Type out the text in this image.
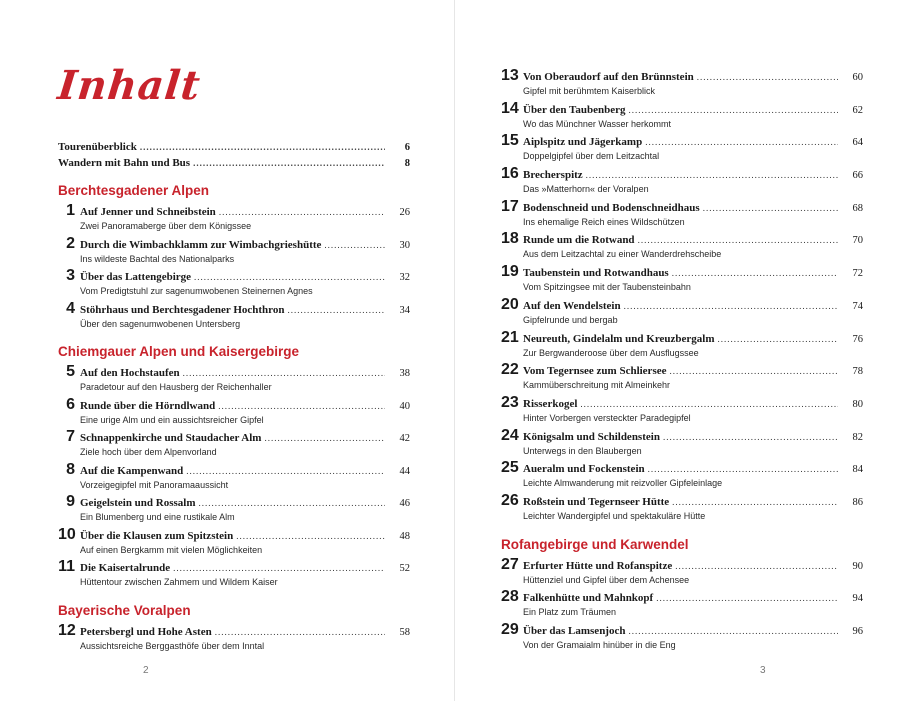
Inhalt
Tourenüberblick .....	6
Wandern mit Bahn und Bus .....	8
Berchtesgadener Alpen
1 Auf Jenner und Schneibstein .....	26
Zwei Panoramaberge über dem Königssee
2 Durch die Wimbachklamm zur Wimbachgrieshütte .....	30
Ins wildeste Bachtal des Nationalparks
3 Über das Lattengebirge .....	32
Vom Predigtstuhl zur sagenumwobenen Steinernen Agnes
4 Stöhrhaus und Berchtesgadener Hochthron .....	34
Über den sagenumwobenen Untersberg
Chiemgauer Alpen und Kaisergebirge
5 Auf den Hochstaufen .....	38
Paradetour auf den Hausberg der Reichenhaller
6 Runde über die Hörndlwand .....	40
Eine urige Alm und ein aussichtsreicher Gipfel
7 Schnappenkirche und Staudacher Alm .....	42
Ziele hoch über dem Alpenvorland
8 Auf die Kampenwand .....	44
Vorzeigegipfel mit Panoramaaussicht
9 Geigelstein und Rossalm .....	46
Ein Blumenberg und eine rustikale Alm
10 Über die Klausen zum Spitzstein .....	48
Auf einen Bergkamm mit vielen Möglichkeiten
11 Die Kaisertalrunde .....	52
Hüttentour zwischen Zahmem und Wildem Kaiser
Bayerische Voralpen
12 Petersbergl und Hohe Asten .....	58
Aussichtsreiche Berggasthöfe über dem Inntal
2
13 Von Oberaudorf auf den Brünnstein .....	60
Gipfel mit berühmtem Kaiserblick
14 Über den Taubenberg .....	62
Wo das Münchner Wasser herkommt
15 Aiplspitz und Jägerkamp .....	64
Doppelgipfel über dem Leitzachtal
16 Brecherspitz .....	66
Das »Matterhorn« der Voralpen
17 Bodenschneid und Bodenschneidhaus .....	68
Ins ehemalige Reich eines Wildschützen
18 Runde um die Rotwand .....	70
Aus dem Leitzachtal zu einer Wanderdrehscheibe
19 Taubenstein und Rotwandhaus .....	72
Vom Spitzingsee mit der Taubensteinbahn
20 Auf den Wendelstein .....	74
Gipfelrunde und bergab
21 Neureuth, Gindelalm und Kreuzbergalm .....	76
Zur Bergwanderoose über dem Ausflugssee
22 Vom Tegernsee zum Schliersee .....	78
Kammüberschreitung mit Almeinkehr
23 Risserkogel .....	80
Hinter Vorbergen versteckter Paradegipfel
24 Königsalm und Schildenstein .....	82
Unterwegs in den Blaubergen
25 Aueralm und Fockenstein .....	84
Leichte Almwanderung mit reizvoller Gipfeleinlage
26 Roßstein und Tegernseer Hütte .....	86
Leichter Wandergipfel und spektakuläre Hütte
Rofangebirge und Karwendel
27 Erfurter Hütte und Rofanspitze .....	90
Hüttenziel und Gipfel über dem Achensee
28 Falkenhütte und Mahnkopf .....	94
Ein Platz zum Träumen
29 Über das Lamsenjoch .....	96
Von der Gramaialm hinüber in die Eng
3
